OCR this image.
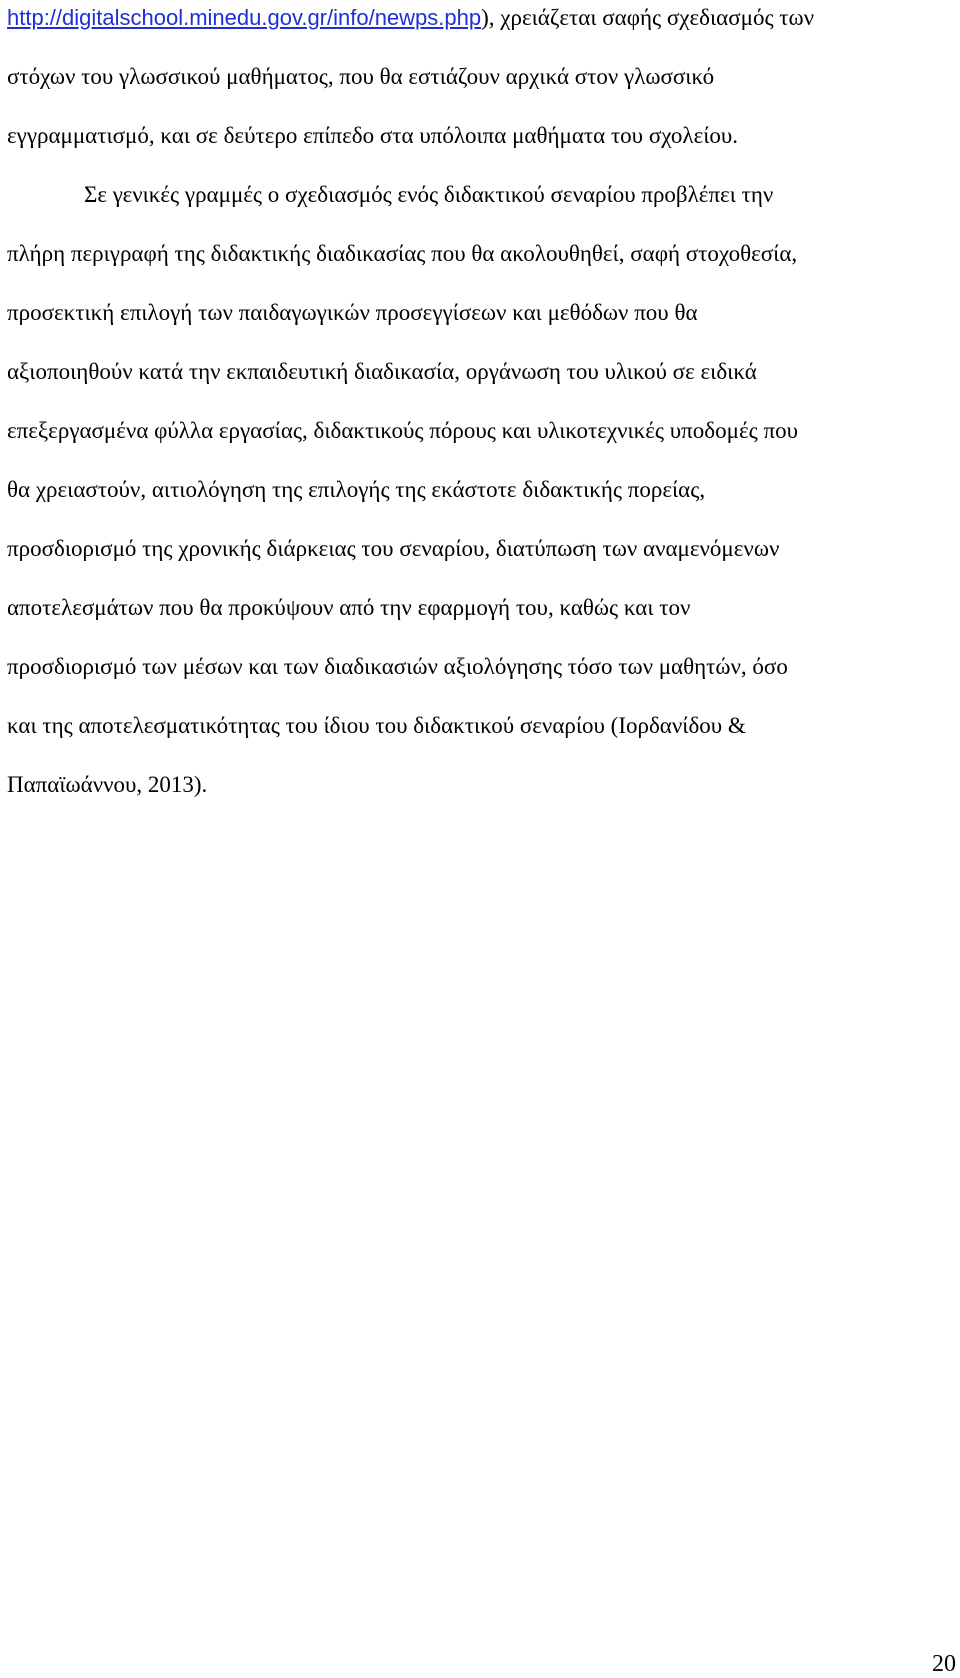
http://digitalschool.minedu.gov.gr/info/newps.php), χρειάζεται σαφής σχεδιασμός των
στόχων του γλωσσικού μαθήματος, που θα εστιάζουν αρχικά στον γλωσσικό
εγγραμματισμό, και σε δεύτερο επίπεδο στα υπόλοιπα μαθήματα του σχολείου.
Σε γενικές γραμμές ο σχεδιασμός ενός διδακτικού σεναρίου προβλέπει την
πλήρη περιγραφή της διδακτικής διαδικασίας που θα ακολουθηθεί, σαφή στοχοθεσία,
προσεκτική επιλογή των παιδαγωγικών προσεγγίσεων και μεθόδων που θα
αξιοποιηθούν κατά την εκπαιδευτική διαδικασία, οργάνωση του υλικού σε ειδικά
επεξεργασμένα φύλλα εργασίας, διδακτικούς πόρους και υλικοτεχνικές υποδομές που
θα χρειαστούν, αιτιολόγηση της επιλογής της εκάστοτε διδακτικής πορείας,
προσδιορισμό της χρονικής διάρκειας του σεναρίου, διατύπωση των αναμενόμενων
αποτελεσμάτων που θα προκύψουν από την εφαρμογή του, καθώς και τον
προσδιορισμό των μέσων και των διαδικασιών αξιολόγησης τόσο των μαθητών, όσο
και της αποτελεσματικότητας του ίδιου του διδακτικού σεναρίου (Ιορδανίδου &
Παπαϊωάννου, 2013).
20
